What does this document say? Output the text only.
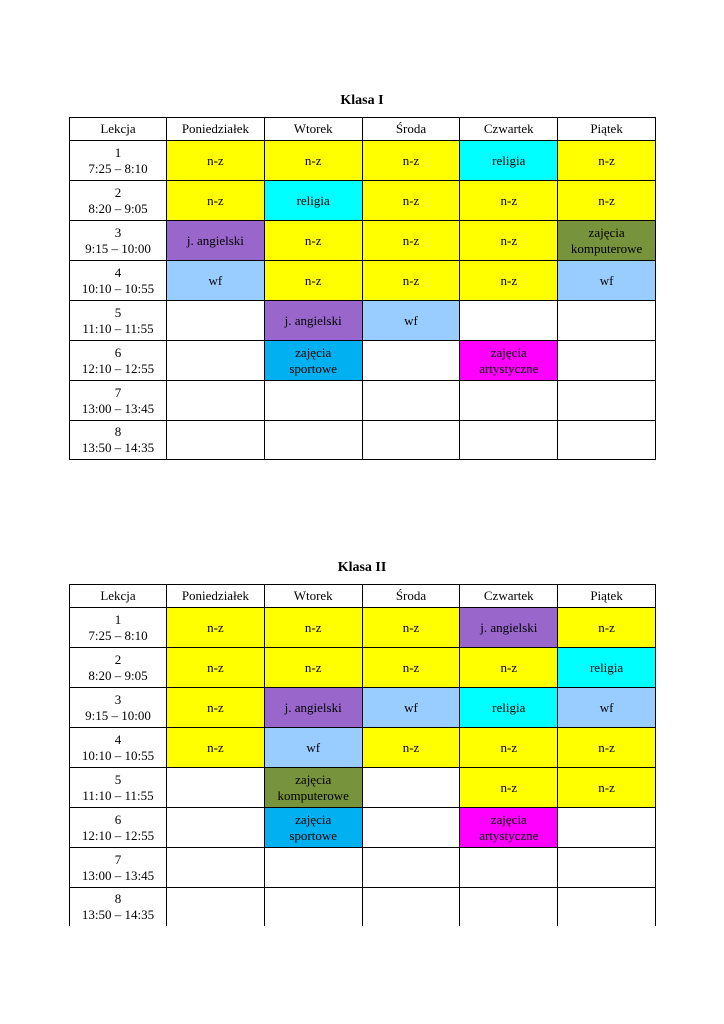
Klasa I
Lekcja	Poniedziałek	Wtorek	Środa	Czwartek	Piątek

1
7:25 – 8:10	n-z	n-z	n-z	religia	n-z

2
8:20 – 9:05	n-z	religia	n-z	n-z	n-z

3
9:15 – 10:00	j. angielski	n-z	n-z	n-z	zajęcia
komputerowe

4
10:10 – 10:55	wf	n-z	n-z	n-z	wf

5
11:10 – 11:55		j. angielski	wf		

6
12:10 – 12:55		zajęcia
sportowe		zajęcia
artystyczne	

7
13:00 – 13:45					

8
13:50 – 14:35					

Klasa II
Lekcja	Poniedziałek	Wtorek	Środa	Czwartek	Piątek

1
7:25 – 8:10	n-z	n-z	n-z	j. angielski	n-z

2
8:20 – 9:05	n-z	n-z	n-z	n-z	religia

3
9:15 – 10:00	n-z	j. angielski	wf	religia	wf

4
10:10 – 10:55	n-z	wf	n-z	n-z	n-z

5
11:10 – 11:55		zajęcia
komputerowe		n-z	n-z

6
12:10 – 12:55		zajęcia
sportowe		zajęcia
artystyczne	

7
13:00 – 13:45					

8
13:50 – 14:35					
